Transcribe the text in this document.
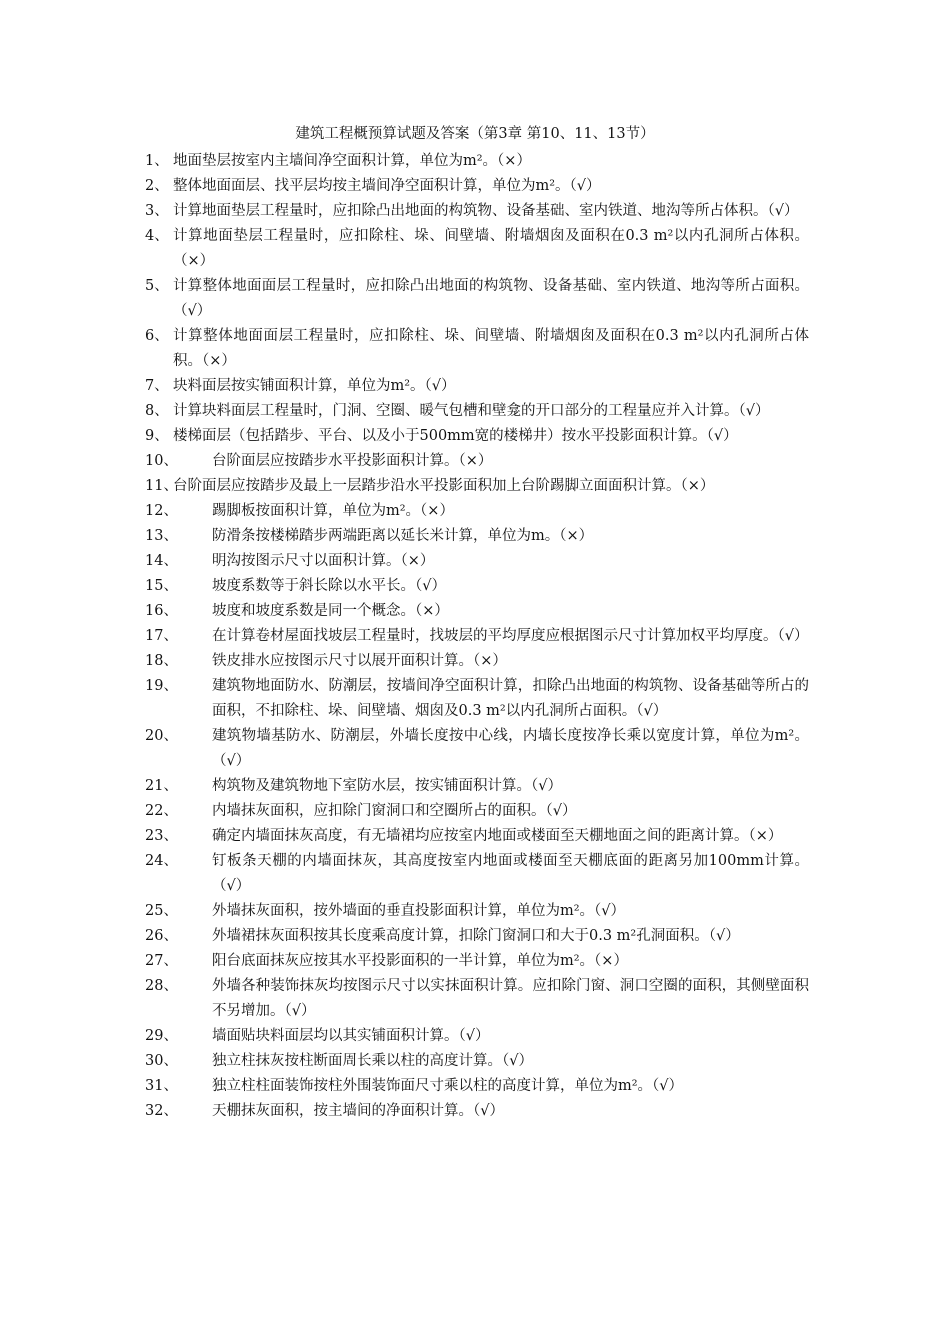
建筑工程概预算试题及答案（第3章 第10、11、13节）
1、 地面垫层按室内主墙间净空面积计算，单位为m²。（×）
2、 整体地面面层、找平层均按主墙间净空面积计算，单位为m²。（√）
3、 计算地面垫层工程量时，应扣除凸出地面的构筑物、设备基础、室内铁道、地沟等所占体积。（√）
4、 计算地面垫层工程量时，应扣除柱、垛、间壁墙、附墙烟囱及面积在0.3 m²以内孔洞所占体积。（×）
5、 计算整体地面面层工程量时，应扣除凸出地面的构筑物、设备基础、室内铁道、地沟等所占面积。（√）
6、 计算整体地面面层工程量时，应扣除柱、垛、间壁墙、附墙烟囱及面积在0.3 m²以内孔洞所占体积。（×）
7、 块料面层按实铺面积计算，单位为m²。（√）
8、 计算块料面层工程量时，门洞、空圈、暖气包槽和壁龛的开口部分的工程量应并入计算。（√）
9、 楼梯面层（包括踏步、平台、以及小于500mm宽的楼梯井）按水平投影面积计算。（√）
10、 台阶面层应按踏步水平投影面积计算。（×）
11、
台阶面层应按踏步及最上一层踏步沿水平投影面积加上台阶踢脚立面面积计算。（×）
12、 踢脚板按面积计算，单位为m²。（×）
13、 防滑条按楼梯踏步两端距离以延长米计算，单位为m。（×）
14、 明沟按图示尺寸以面积计算。（×）
15、 坡度系数等于斜长除以水平长。（√）
16、 坡度和坡度系数是同一个概念。（×）
17、 在计算卷材屋面找坡层工程量时，找坡层的平均厚度应根据图示尺寸计算加权平均厚度。（√）
18、 铁皮排水应按图示尺寸以展开面积计算。（×）
19、 建筑物地面防水、防潮层，按墙间净空面积计算，扣除凸出地面的构筑物、设备基础等所占的面积，不扣除柱、垛、间壁墙、烟囱及0.3 m²以内孔洞所占面积。（√）
20、 建筑物墙基防水、防潮层，外墙长度按中心线，内墙长度按净长乘以宽度计算，单位为m²。（√）
21、 构筑物及建筑物地下室防水层，按实铺面积计算。（√）
22、 内墙抹灰面积，应扣除门窗洞口和空圈所占的面积。（√）
23、 确定内墙面抹灰高度，有无墙裙均应按室内地面或楼面至天棚地面之间的距离计算。（×）
24、 钉板条天棚的内墙面抹灰，其高度按室内地面或楼面至天棚底面的距离另加100mm计算。（√）
25、 外墙抹灰面积，按外墙面的垂直投影面积计算，单位为m²。（√）
26、 外墙裙抹灰面积按其长度乘高度计算，扣除门窗洞口和大于0.3 m²孔洞面积。（√）
27、 阳台底面抹灰应按其水平投影面积的一半计算，单位为m²。（×）
28、 外墙各种装饰抹灰均按图示尺寸以实抹面积计算。应扣除门窗、洞口空圈的面积，其侧壁面积不另增加。（√）
29、 墙面贴块料面层均以其实铺面积计算。（√）
30、 独立柱抹灰按柱断面周长乘以柱的高度计算。（√）
31、 独立柱柱面装饰按柱外围装饰面尺寸乘以柱的高度计算，单位为m²。（√）
32、 天棚抹灰面积，按主墙间的净面积计算。（√）
